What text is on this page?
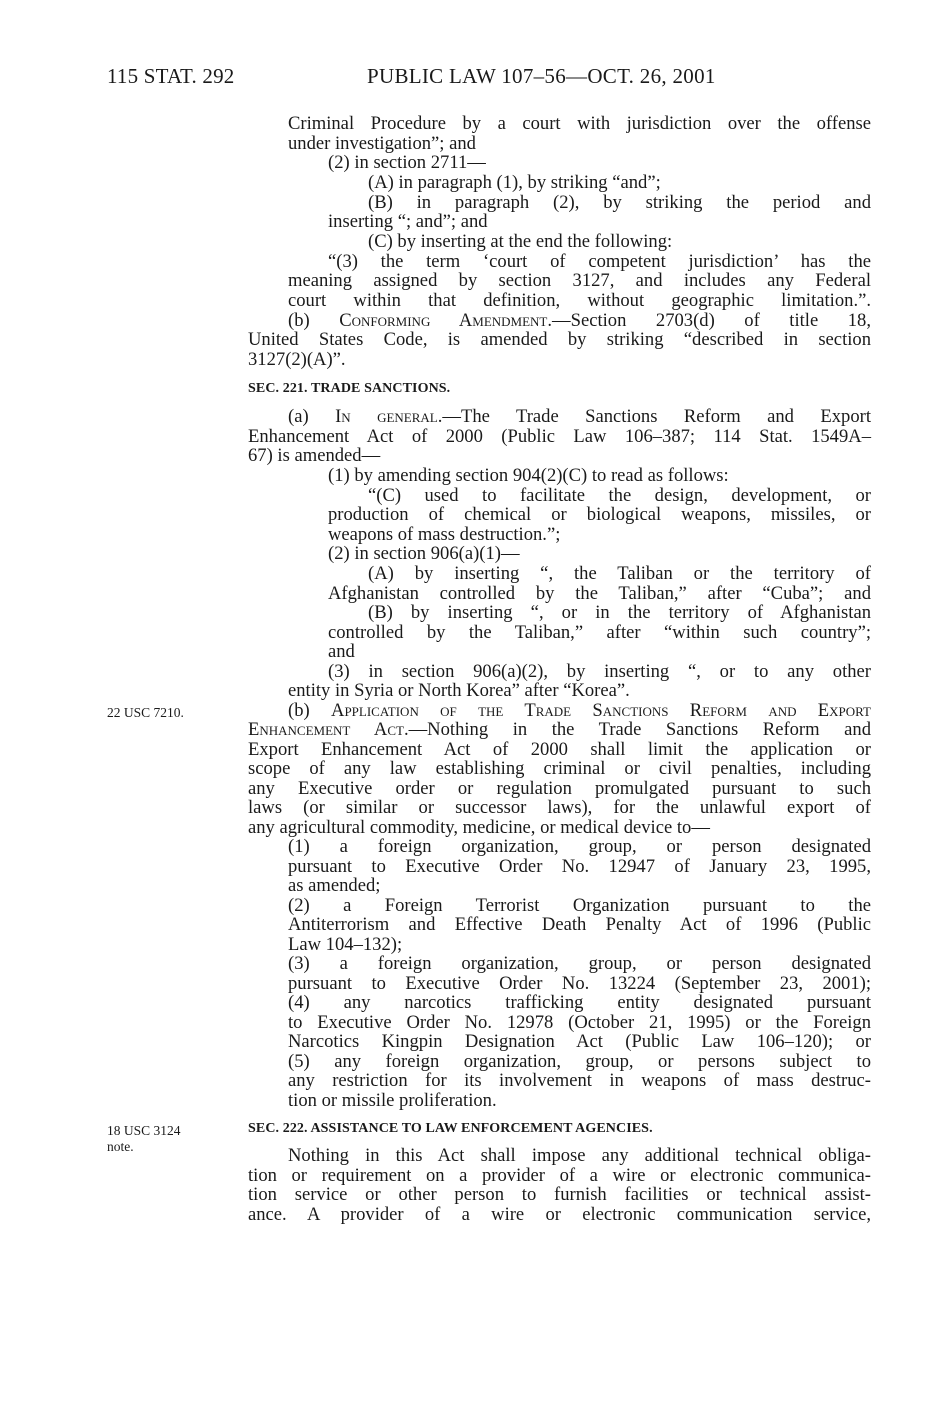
115 STAT. 292	PUBLIC LAW 107–56—OCT. 26, 2001
Criminal Procedure by a court with jurisdiction over the offense
under investigation”; and
(2) in section 2711—
(A) in paragraph (1), by striking “and”;
(B) in paragraph (2), by striking the period and
inserting “; and”; and
(C) by inserting at the end the following:
“(3) the term ‘court of competent jurisdiction’ has the
meaning assigned by section 3127, and includes any Federal
court within that definition, without geographic limitation.”.
(b) Conforming Amendment.—Section 2703(d) of title 18,
United States Code, is amended by striking “described in section
3127(2)(A)”.
SEC. 221. TRADE SANCTIONS.
(a) In general.—The Trade Sanctions Reform and Export
Enhancement Act of 2000 (Public Law 106–387; 114 Stat. 1549A–
67) is amended—
(1) by amending section 904(2)(C) to read as follows:
“(C) used to facilitate the design, development, or
production of chemical or biological weapons, missiles, or
weapons of mass destruction.”;
(2) in section 906(a)(1)—
(A) by inserting “, the Taliban or the territory of
Afghanistan controlled by the Taliban,” after “Cuba”; and
(B) by inserting “, or in the territory of Afghanistan
controlled by the Taliban,” after “within such country”;
and
(3) in section 906(a)(2), by inserting “, or to any other
entity in Syria or North Korea” after “Korea”.
22 USC 7210.	(b) Application of the Trade Sanctions Reform and Export
Enhancement Act.—Nothing in the Trade Sanctions Reform and
Export Enhancement Act of 2000 shall limit the application or
scope of any law establishing criminal or civil penalties, including
any Executive order or regulation promulgated pursuant to such
laws (or similar or successor laws), for the unlawful export of
any agricultural commodity, medicine, or medical device to—
(1) a foreign organization, group, or person designated
pursuant to Executive Order No. 12947 of January 23, 1995,
as amended;
(2) a Foreign Terrorist Organization pursuant to the
Antiterrorism and Effective Death Penalty Act of 1996 (Public
Law 104–132);
(3) a foreign organization, group, or person designated
pursuant to Executive Order No. 13224 (September 23, 2001);
(4) any narcotics trafficking entity designated pursuant
to Executive Order No. 12978 (October 21, 1995) or the Foreign
Narcotics Kingpin Designation Act (Public Law 106–120); or
(5) any foreign organization, group, or persons subject to
any restriction for its involvement in weapons of mass destruc-
tion or missile proliferation.
18 USC 3124
note.
SEC. 222. ASSISTANCE TO LAW ENFORCEMENT AGENCIES.
Nothing in this Act shall impose any additional technical obliga-
tion or requirement on a provider of a wire or electronic communica-
tion service or other person to furnish facilities or technical assist-
ance. A provider of a wire or electronic communication service,
